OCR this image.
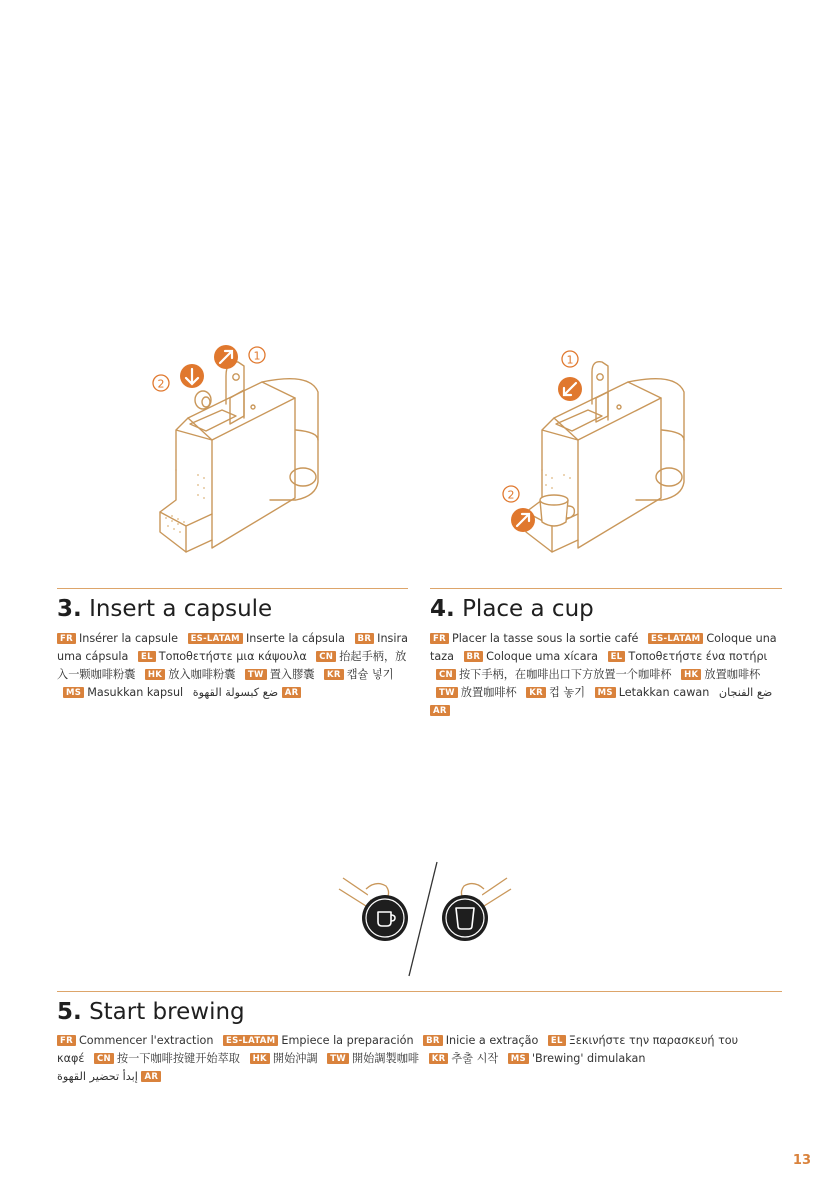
2
1	1
2
3. Insert a capsule
FR Insérer la capsule ES-LATAM Inserte la cápsula BR Insira uma cápsula EL Τοποθετήστε μια κάψουλα CN 抬起手柄，放入一颗咖啡粉囊 HK 放入咖啡粉囊 TW 置入膠囊 KR 캡슐 넣기 MS Masukkan kapsul ضع كبسولة القهوة AR
4. Place a cup
FR Placer la tasse sous la sortie café ES-LATAM Coloque una taza BR Coloque uma xícara EL Τοποθετήστε ένα ποτήρι CN 按下手柄，在咖啡出口下方放置一个咖啡杯 HK 放置咖啡杯 TW 放置咖啡杯 KR 컵 놓기 MS Letakkan cawan ضع الفنجان AR
5. Start brewing
FR Commencer l'extraction ES-LATAM Empiece la preparación BR Inicie a extração EL Ξεκινήστε την παρασκευή του καφέ CN 按一下咖啡按键开始萃取 HK 開始沖調 TW 開始調製咖啡 KR 추출 시작 MS 'Brewing' dimulakan
إبدأ تحضير القهوة AR
13
